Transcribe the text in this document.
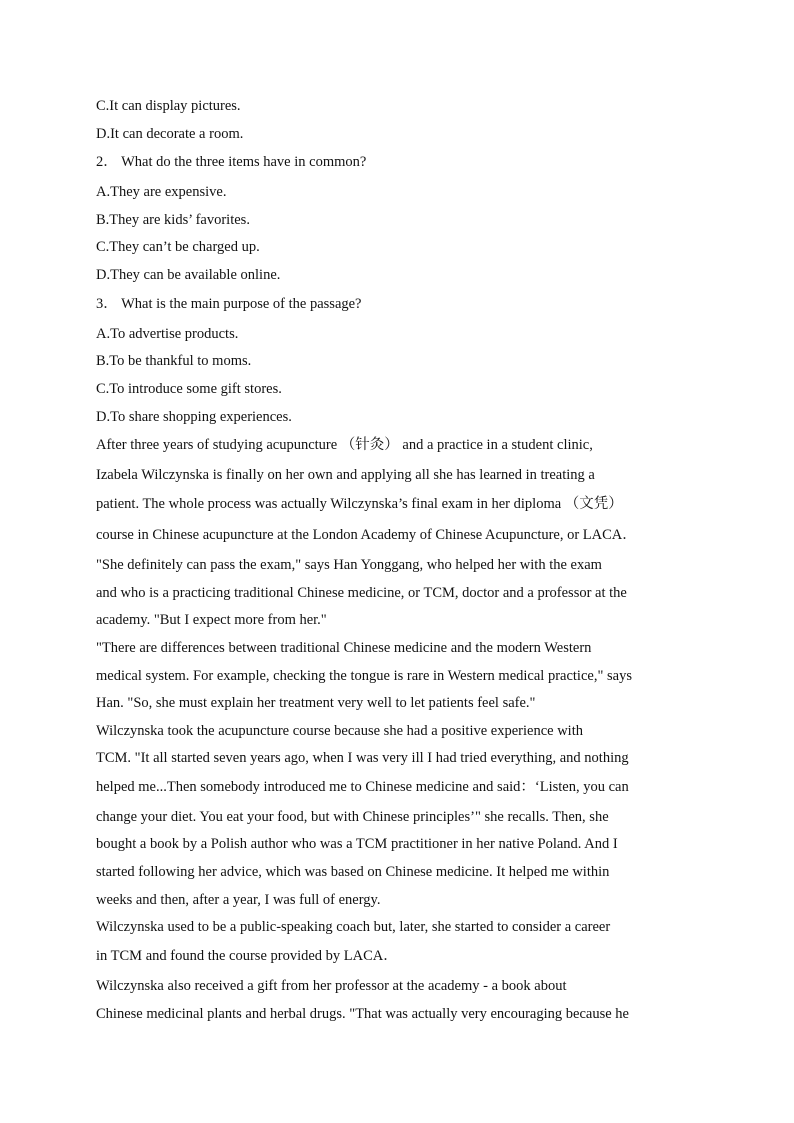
C.It can display pictures.
D.It can decorate a room.
2． What do the three items have in common?
A.They are expensive.
B.They are kids’ favorites.
C.They can’t be charged up.
D.They can be available online.
3． What is the main purpose of the passage?
A.To advertise products.
B.To be thankful to moms.
C.To introduce some gift stores.
D.To share shopping experiences.
After three years of studying acupuncture （针灸） and a practice in a student clinic,
Izabela Wilczynska is finally on her own and applying all she has learned in treating a
patient. The whole process was actually Wilczynska’s final exam in her diploma （文凭）
course in Chinese acupuncture at the London Academy of Chinese Acupuncture, or LACA．
"She definitely can pass the exam," says Han Yonggang, who helped her with the exam
and who is a practicing traditional Chinese medicine, or TCM, doctor and a professor at the
academy. "But I expect more from her."
"There are differences between traditional Chinese medicine and the modern Western
medical system. For example, checking the tongue is rare in Western medical practice," says
Han. "So, she must explain her treatment very well to let patients feel safe."
Wilczynska took the acupuncture course because she had a positive experience with
TCM. "It all started seven years ago, when I was very ill I had tried everything, and nothing
helped me...Then somebody introduced me to Chinese medicine and said：‘Listen, you can
change your diet. You eat your food, but with Chinese principles’" she recalls. Then, she
bought a book by a Polish author who was a TCM practitioner in her native Poland. And I
started following her advice, which was based on Chinese medicine. It helped me within
weeks and then, after a year, I was full of energy.
Wilczynska used to be a public-speaking coach but, later, she started to consider a career
in TCM and found the course provided by LACA．
Wilczynska also received a gift from her professor at the academy - a book about
Chinese medicinal plants and herbal drugs. "That was actually very encouraging because he
